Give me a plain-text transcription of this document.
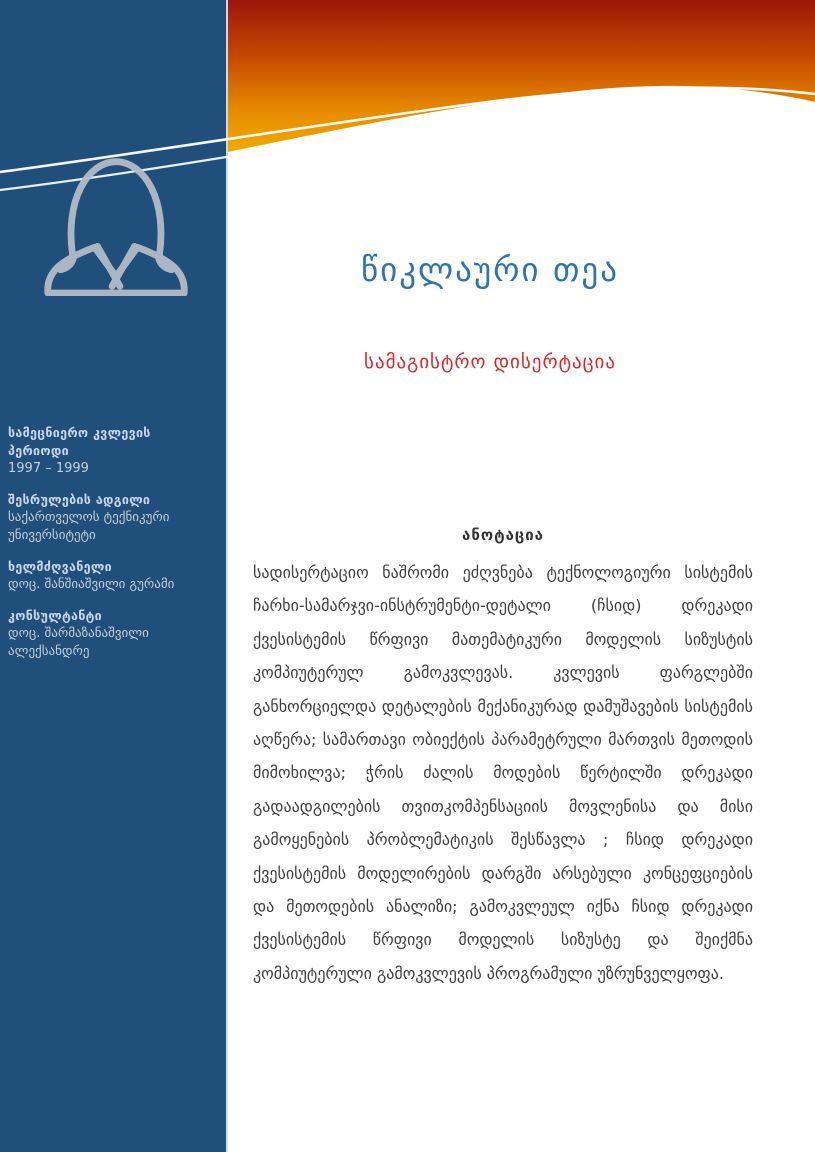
სამეცნიერო კვლევის პერიოდი
1997 – 1999
შესრულების ადგილი
საქართველოს ტექნიკური უნივერსიტეტი
ხელმძღვანელი
დოც. შანშიაშვილი გურამი
კონსულტანტი
დოც. შარმაზანაშვილი ალექსანდრე
წიკლაური თეა
სამაგისტრო დისერტაცია
ანოტაცია
სადისერტაციო ნაშრომი ეძღვნება ტექნოლოგიური სისტემის ჩარხი-სამარჯვი-ინსტრუმენტი-დეტალი (ჩსიდ) დრეკადი ქვესისტემის წრფივი მათემატიკური მოდელის სიზუსტის კომპიუტერულ გამოკვლევას. კვლევის ფარგლებში განხორციელდა დეტალების მექანიკურად დამუშავების სისტემის აღწერა; სამართავი ობიექტის პარამეტრული მართვის მეთოდის მიმოხილვა; ჭრის ძალის მოდების წერტილში დრეკადი გადაადგილების თვითკომპენსაციის მოვლენისა და მისი გამოყენების პრობლემატიკის შესწავლა ; ჩსიდ დრეკადი ქვესისტემის მოდელირების დარგში არსებული კონცეფციების და მეთოდების ანალიზი; გამოკვლეულ იქნა ჩსიდ დრეკადი ქვესისტემის წრფივი მოდელის სიზუსტე და შეიქმნა კომპიუტერული გამოკვლევის პროგრამული უზრუნველყოფა.
